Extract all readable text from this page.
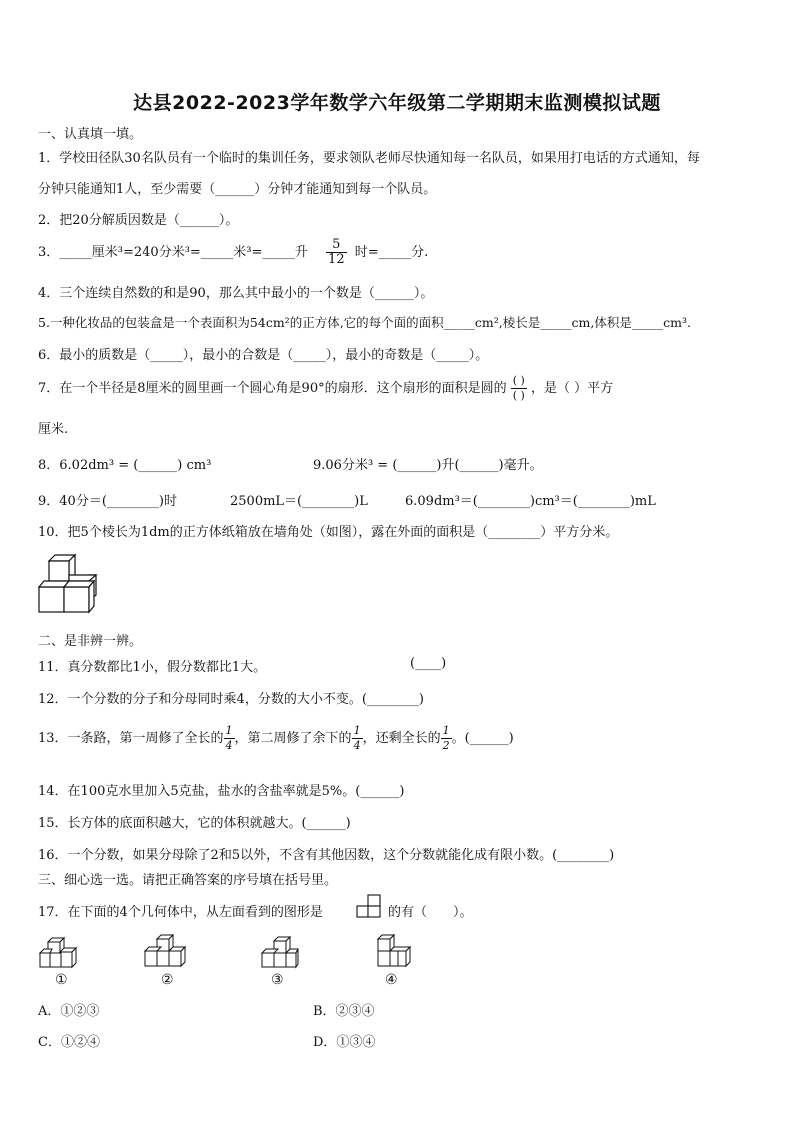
达县2022-2023学年数学六年级第二学期期末监测模拟试题
一、认真填一填。
1．学校田径队30名队员有一个临时的集训任务，要求领队老师尽快通知每一名队员，如果用打电话的方式通知，每
分钟只能通知1人，至少需要（______）分钟才能通知到每一个队员。
2．把20分解质因数是（______）。
3．_____厘米³=240分米³=_____米³=_____升 $\frac{5}{12}$ 时=_____分.
4．三个连续自然数的和是90，那么其中最小的一个数是（______）。
5.一种化妆品的包装盒是一个表面积为54cm²的正方体,它的每个面的面积_____cm²,棱长是_____cm,体积是_____cm³.
6．最小的质数是（_____），最小的合数是（_____），最小的奇数是（_____）。
7．在一个半径是8厘米的圆里画一个圆心角是90°的扇形．这个扇形的面积是圆的 $\frac{( )}{( )}$ ，是（ ）平方
厘米.
8．6.02dm³ = (______) cm³	9.06分米³ = (______)升(______)毫升。
9．40分＝(________)时	2500mL＝(________)L	6.09dm³＝(________)cm³＝(________)mL
10．把5个棱长为1dm的正方体纸箱放在墙角处（如图），露在外面的面积是（________）平方分米。
二、是非辨一辨。
11．真分数都比1小，假分数都比1大。	(____)
12．一个分数的分子和分母同时乘4，分数的大小不变。(________)
13．一条路，第一周修了全长的 $\frac{1}{4}$ ，第二周修了余下的 $\frac{1}{4}$ ，还剩全长的 $\frac{1}{2}$ 。(______)
14．在100克水里加入5克盐，盐水的含盐率就是5%。(______)
15．长方体的底面积越大，它的体积就越大。(______)
16．一个分数，如果分母除了2和5以外，不含有其他因数，这个分数就能化成有限小数。(________)
三、细心选一选。请把正确答案的序号填在括号里。
17．在下面的4个几何体中，从左面看到的图形是	的有（　　）。
①	②	③	④
A．①②③	B．②③④
C．①②④	D．①③④
